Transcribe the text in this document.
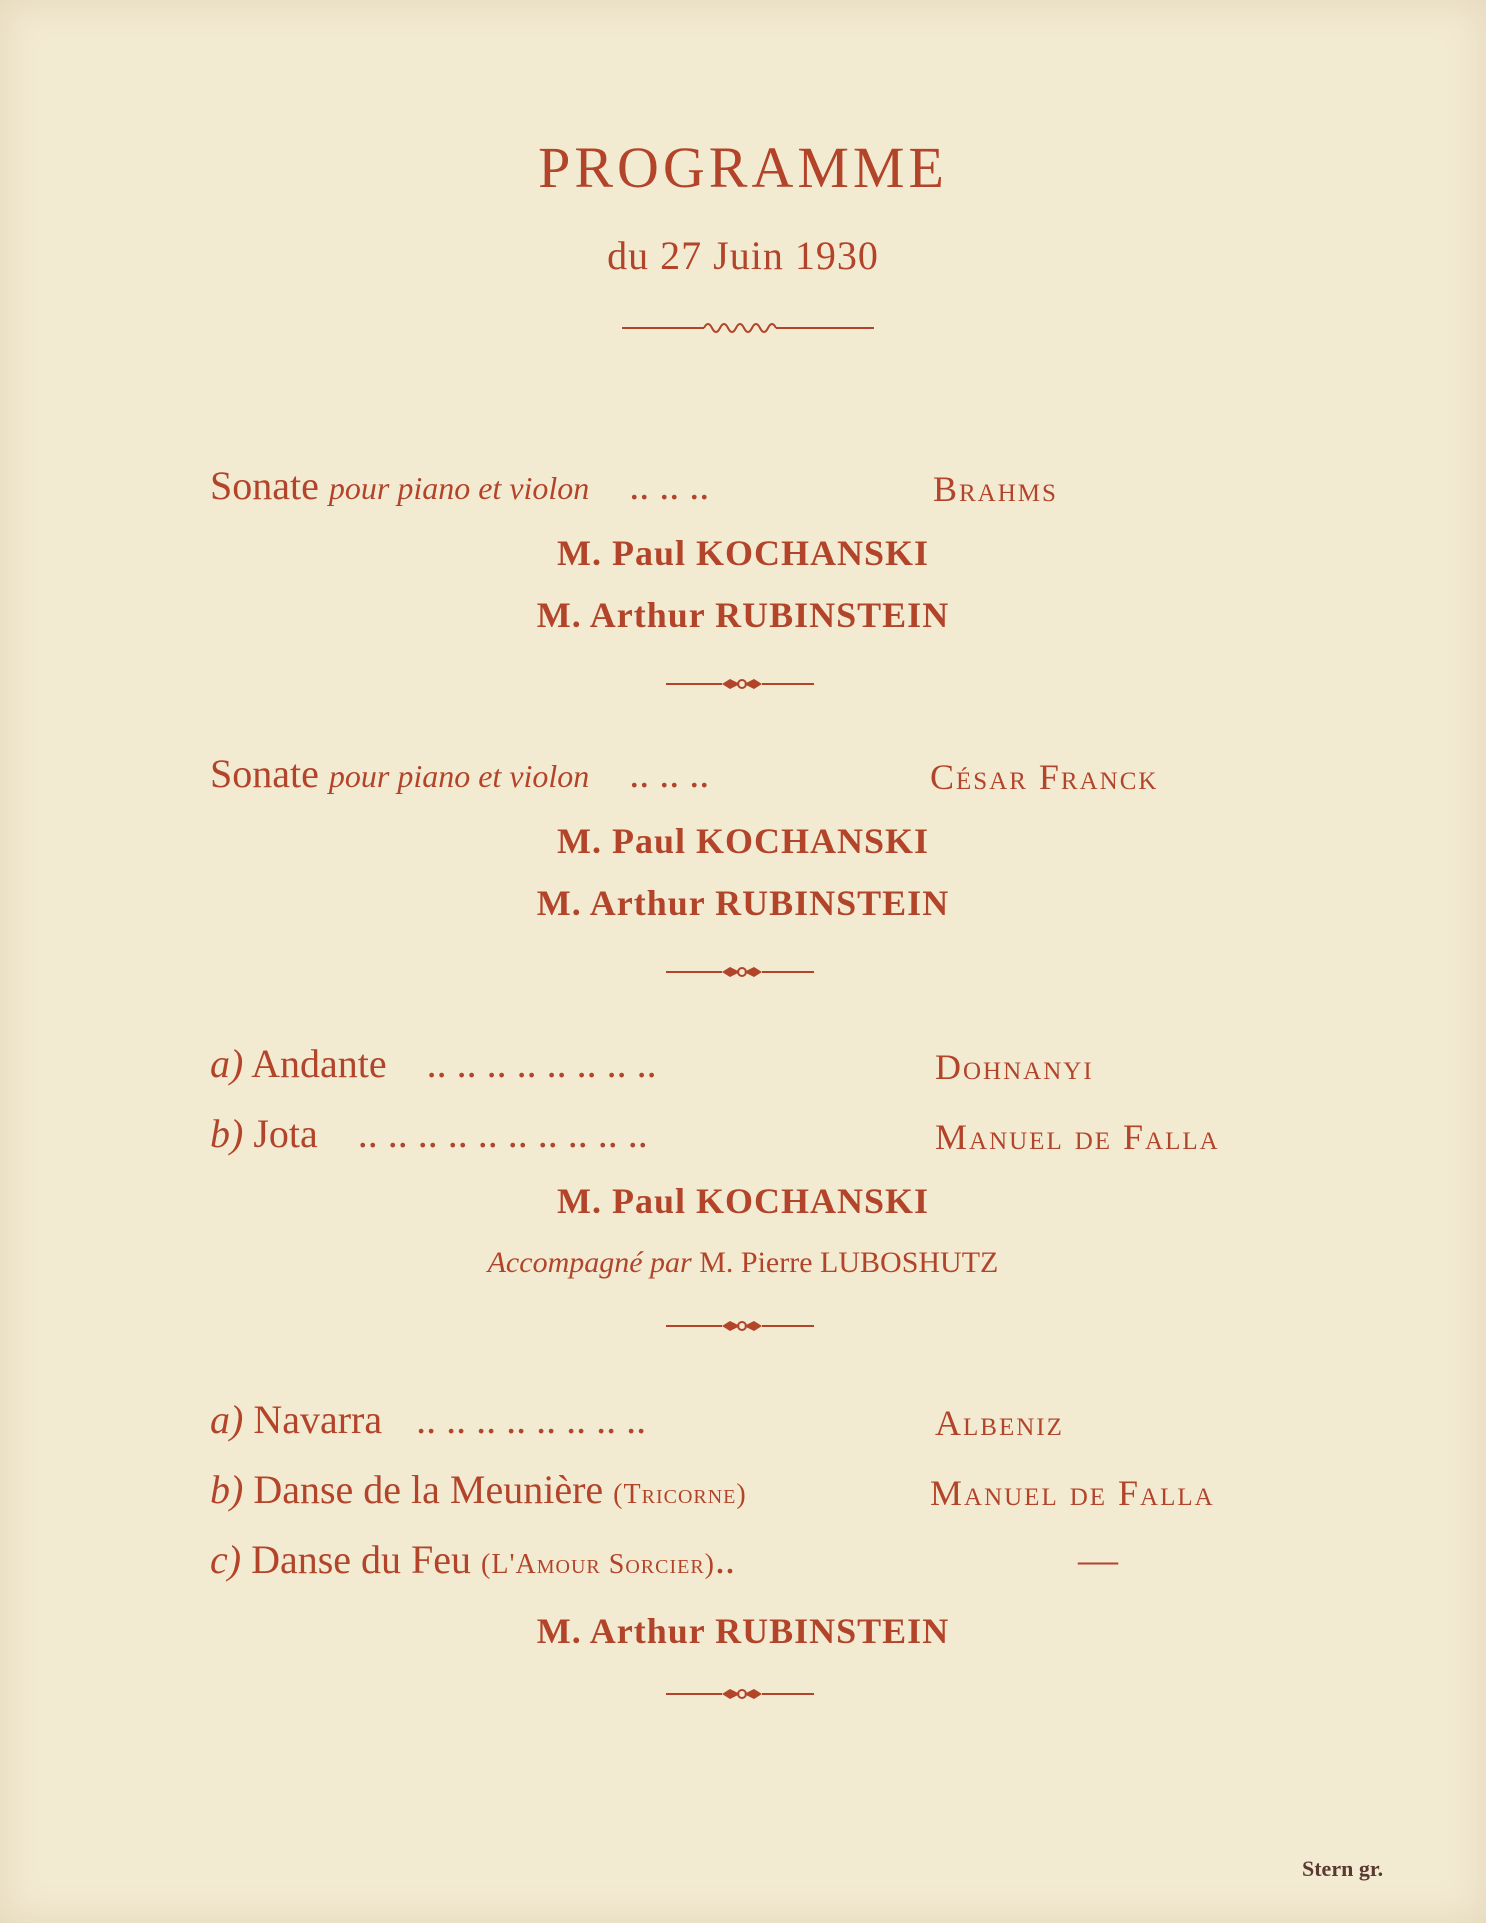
PROGRAMME
du 27 Juin 1930
Sonate pour piano et violon .. .. ..	Brahms
M. Paul KOCHANSKI
M. Arthur RUBINSTEIN
Sonate pour piano et violon .. .. ..	César Franck
M. Paul KOCHANSKI
M. Arthur RUBINSTEIN
a) Andante .. .. .. .. .. .. .. ..	Dohnanyi
b) Jota .. .. .. .. .. .. .. .. .. ..	Manuel de Falla
M. Paul KOCHANSKI
Accompagné par M. Pierre LUBOSHUTZ
a) Navarra .. .. .. .. .. .. .. ..	Albeniz
b) Danse de la Meunière (Tricorne)	Manuel de Falla
c) Danse du Feu (L'Amour Sorcier)..	—
M. Arthur RUBINSTEIN
Stern gr.
